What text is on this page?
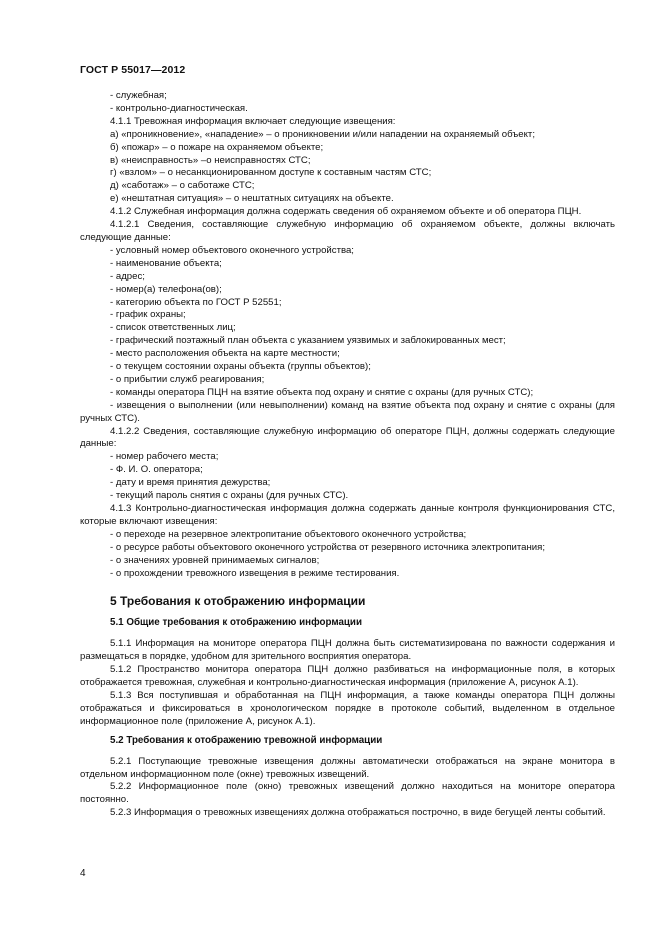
ГОСТ Р 55017—2012

- служебная;

- контрольно-диагностическая.

4.1.1 Тревожная информация включает следующие извещения:

а) «проникновение», «нападение» – о проникновении и/или нападении на охраняемый объект;

б) «пожар» – о пожаре на охраняемом объекте;

в) «неисправность» –о неисправностях СТС;

г) «взлом» – о несанкционированном доступе к составным частям СТС;

д) «саботаж» – о саботаже СТС;

е) «нештатная ситуация» – о нештатных ситуациях на объекте.

4.1.2 Служебная информация должна содержать сведения об охраняемом объекте и об оператора ПЦН.

4.1.2.1 Сведения, составляющие служебную информацию об охраняемом объекте, должны включать следующие данные:

- условный номер объектового оконечного устройства;

- наименование объекта;

- адрес;

- номер(а) телефона(ов);

- категорию объекта по ГОСТ Р 52551;

- график охраны;

- список ответственных лиц;

- графический поэтажный план объекта с указанием уязвимых и заблокированных мест;

- место расположения объекта на карте местности;

- о текущем состоянии охраны объекта (группы объектов);

- о прибытии служб реагирования;

- команды оператора ПЦН на взятие объекта под охрану и снятие с охраны (для ручных СТС);

- извещения о выполнении (или невыполнении) команд на взятие объекта под охрану и снятие с охраны (для ручных СТС).

4.1.2.2 Сведения, составляющие служебную информацию об операторе ПЦН, должны содержать следующие данные:

- номер рабочего места;

- Ф. И. О. оператора;

- дату и время принятия дежурства;

- текущий пароль снятия с охраны (для ручных СТС).

4.1.3 Контрольно-диагностическая информация должна содержать данные контроля функционирования СТС, которые включают извещения:

- о переходе на резервное электропитание объектового оконечного устройства;

- о ресурсе работы объектового оконечного устройства от резервного источника электропитания;

- о значениях уровней принимаемых сигналов;

- о прохождении тревожного извещения в режиме тестирования.

5 Требования к отображению информации
5.1 Общие требования к отображению информации

5.1.1 Информация на мониторе оператора ПЦН должна быть систематизирована по важности содержания и размещаться в порядке, удобном для зрительного восприятия оператора.

5.1.2 Пространство монитора оператора ПЦН должно разбиваться на информационные поля, в которых отображается тревожная, служебная и контрольно-диагностическая информация (приложение А, рисунок А.1).

5.1.3 Вся поступившая и обработанная на ПЦН информация, а также команды оператора ПЦН должны отображаться и фиксироваться в хронологическом порядке в протоколе событий, выделенном в отдельное информационное поле (приложение А, рисунок А.1).

5.2 Требования к отображению тревожной информации

5.2.1 Поступающие тревожные извещения должны автоматически отображаться на экране монитора в отдельном информационном поле (окне) тревожных извещений.

5.2.2 Информационное поле (окно) тревожных извещений должно находиться на мониторе оператора постоянно.

5.2.3 Информация о тревожных извещениях должна отображаться построчно, в виде бегущей ленты событий.

4
